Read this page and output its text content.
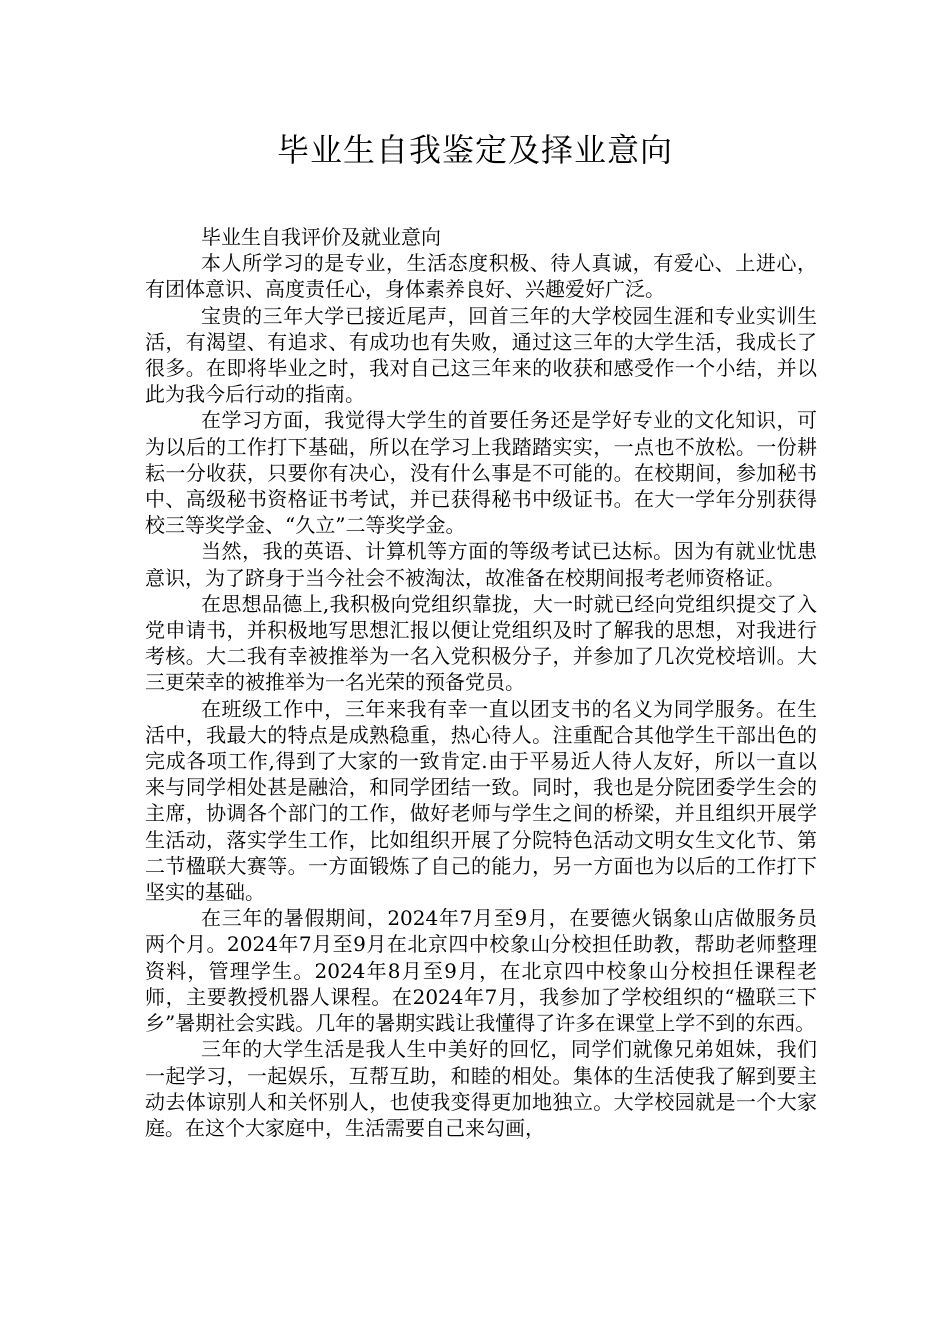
毕业生自我鉴定及择业意向

毕业生自我评价及就业意向

本人所学习的是专业，生活态度积极、待人真诚，有爱心、上进心，有团体意识、高度责任心，身体素养良好、兴趣爱好广泛。

宝贵的三年大学已接近尾声，回首三年的大学校园生涯和专业实训生活，有渴望、有追求、有成功也有失败，通过这三年的大学生活，我成长了很多。在即将毕业之时，我对自己这三年来的收获和感受作一个小结，并以此为我今后行动的指南。

在学习方面，我觉得大学生的首要任务还是学好专业的文化知识，可为以后的工作打下基础，所以在学习上我踏踏实实，一点也不放松。一份耕耘一分收获，只要你有决心，没有什么事是不可能的。在校期间，参加秘书中、高级秘书资格证书考试，并已获得秘书中级证书。在大一学年分别获得校三等奖学金、“久立”二等奖学金。

当然，我的英语、计算机等方面的等级考试已达标。因为有就业忧患意识，为了跻身于当今社会不被淘汰，故准备在校期间报考老师资格证。

在思想品德上,我积极向党组织靠拢，大一时就已经向党组织提交了入党申请书，并积极地写思想汇报以便让党组织及时了解我的思想，对我进行考核。大二我有幸被推举为一名入党积极分子，并参加了几次党校培训。大三更荣幸的被推举为一名光荣的预备党员。

在班级工作中，三年来我有幸一直以团支书的名义为同学服务。在生活中，我最大的特点是成熟稳重，热心待人。注重配合其他学生干部出色的完成各项工作,得到了大家的一致肯定.由于平易近人待人友好，所以一直以来与同学相处甚是融洽，和同学团结一致。同时，我也是分院团委学生会的主席，协调各个部门的工作，做好老师与学生之间的桥梁，并且组织开展学生活动，落实学生工作，比如组织开展了分院特色活动文明女生文化节、第二节楹联大赛等。一方面锻炼了自己的能力，另一方面也为以后的工作打下坚实的基础。

在三年的暑假期间，2024年7月至9月，在要德火锅象山店做服务员两个月。2024年7月至9月在北京四中校象山分校担任助教，帮助老师整理资料，管理学生。2024年8月至9月，在北京四中校象山分校担任课程老师，主要教授机器人课程。在2024年7月，我参加了学校组织的“楹联三下乡”暑期社会实践。几年的暑期实践让我懂得了许多在课堂上学不到的东西。

三年的大学生活是我人生中美好的回忆，同学们就像兄弟姐妹，我们一起学习，一起娱乐，互帮互助，和睦的相处。集体的生活使我了解到要主动去体谅别人和关怀别人，也使我变得更加地独立。大学校园就是一个大家庭。在这个大家庭中，生活需要自己来勾画，
